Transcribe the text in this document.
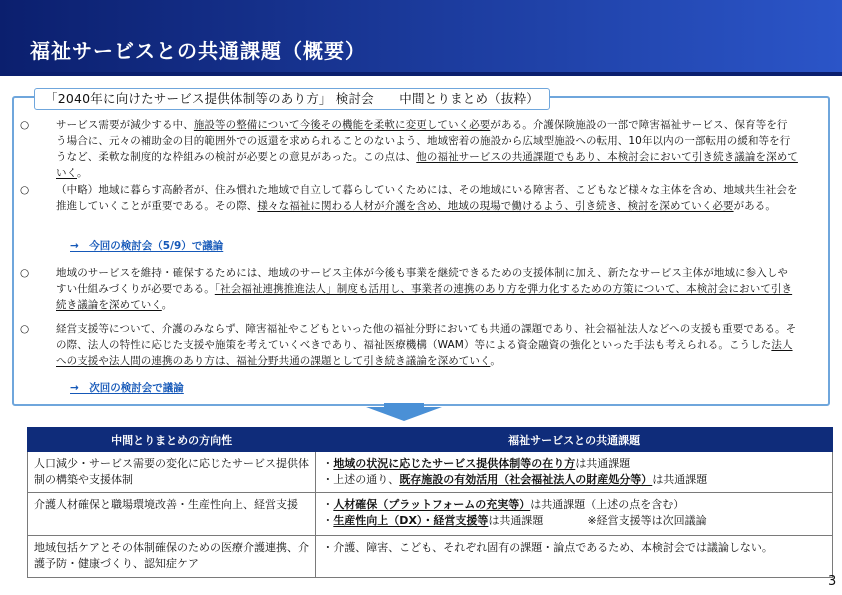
福祉サービスとの共通課題（概要）
「2040年に向けたサービス提供体制等のあり方」 検討会　　中間とりまとめ（抜粋）
○	サービス需要が減少する中、施設等の整備について今後その機能を柔軟に変更していく必要がある。介護保険施設の一部で障害福祉サービス、保育等を行う場合に、元々の補助金の目的範囲外での返還を求められることのないよう、地域密着の施設から広域型施設への転用、10年以内の一部転用の緩和等を行うなど、柔軟な制度的な枠組みの検討が必要との意見があった。この点は、他の福祉サービスの共通課題でもあり、本検討会において引き続き議論を深めていく。
○	（中略）地域に暮らす高齢者が、住み慣れた地域で自立して暮らしていくためには、その地域にいる障害者、こどもなど様々な主体を含め、地域共生社会を推進していくことが重要である。その際、様々な福祉に関わる人材が介護を含め、地域の現場で働けるよう、引き続き、検討を深めていく必要がある。
→　今回の検討会（5/9）で議論
○	地域のサービスを維持・確保するためには、地域のサービス主体が今後も事業を継続できるための支援体制に加え、新たなサービス主体が地域に参入しやすい仕組みづくりが必要である。「社会福祉連携推進法人」制度も活用し、事業者の連携のあり方を弾力化するための方策について、本検討会において引き続き議論を深めていく。
○	経営支援等について、介護のみならず、障害福祉やこどもといった他の福祉分野においても共通の課題であり、社会福祉法人などへの支援も重要である。その際、法人の特性に応じた支援や施策を考えていくべきであり、福祉医療機構（WAM）等による資金融資の強化といった手法も考えられる。こうした法人への支援や法人間の連携のあり方は、福祉分野共通の課題として引き続き議論を深めていく。
→　次回の検討会で議論
中間とりまとめの方向性	福祉サービスとの共通課題
人口減少・サービス需要の変化に応じたサービス提供体制の構築や支援体制	・地域の状況に応じたサービス提供体制等の在り方は共通課題
・上述の通り、既存施設の有効活用（社会福祉法人の財産処分等）は共通課題

介護人材確保と職場環境改善・生産性向上、経営支援	・人材確保（プラットフォームの充実等）は共通課題（上述の点を含む）
・生産性向上（DX）・経営支援等は共通課題　　　　※経営支援等は次回議論

地域包括ケアとその体制確保のための医療介護連携、介護予防・健康づくり、認知症ケア	・介護、障害、こども、それぞれ固有の課題・論点であるため、本検討会では議論しない。
3
